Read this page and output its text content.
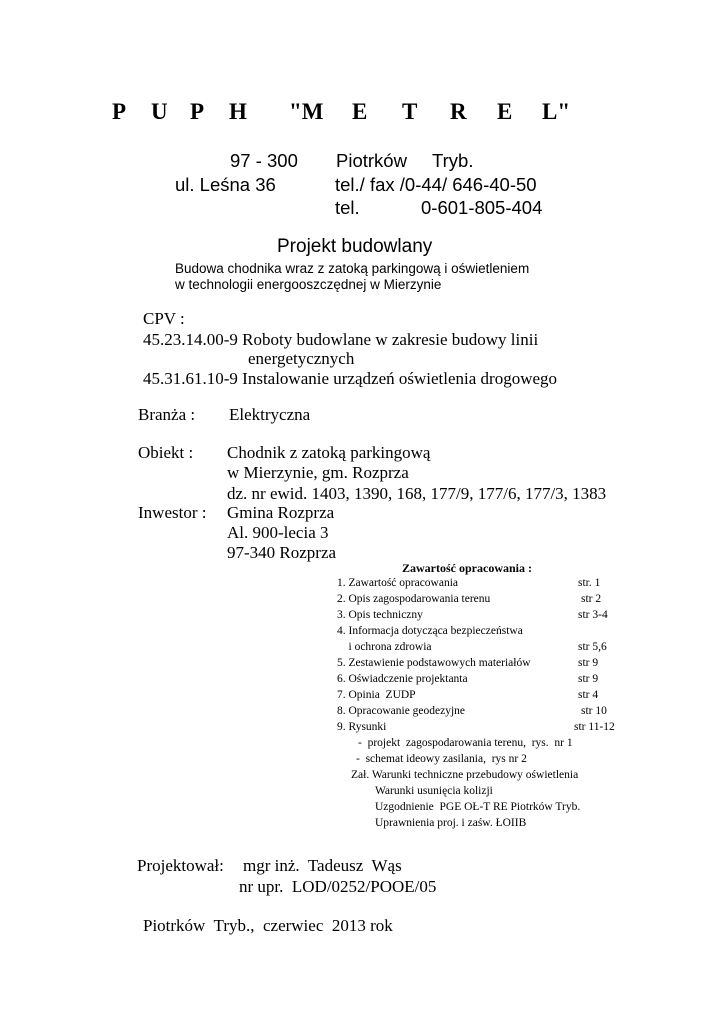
P U P H "M E T R E L"
97 - 300 Piotrków Tryb.
ul. Leśna 36	tel./ fax /0-44/ 646-40-50
tel.	0-601-805-404
Projekt budowlany
Budowa chodnika wraz z zatoką parkingową i oświetleniem
w technologii energooszczędnej w Mierzynie
CPV :
45.23.14.00-9 Roboty budowlane w zakresie budowy linii
energetycznych
45.31.61.10-9 Instalowanie urządzeń oświetlenia drogowego
Branża : Elektryczna
Obiekt : Chodnik z zatoką parkingową
w Mierzynie, gm. Rozprza
dz. nr ewid. 1403, 1390, 168, 177/9, 177/6, 177/3, 1383
Inwestor : Gmina Rozprza
Al. 900-lecia 3
97-340 Rozprza
Zawartość opracowania :
1. Zawartość opracowania	str. 1
2. Opis zagospodarowania terenu	str 2
3. Opis techniczny	str 3-4
4. Informacja dotycząca bezpieczeństwa
i ochrona zdrowia	str 5,6
5. Zestawienie podstawowych materiałów	str 9
6. Oświadczenie projektanta	str 9
7. Opinia  ZUDP	str 4
8. Opracowanie geodezyjne	str 10
9. Rysunki	str 11-12
-  projekt  zagospodarowania terenu,  rys.  nr 1
-  schemat ideowy zasilania,  rys nr 2
Zał. Warunki techniczne przebudowy oświetlenia
Warunki usunięcia kolizji
Uzgodnienie  PGE OŁ-T RE Piotrków Tryb.
Uprawnienia proj. i zaśw. ŁOIIB
Projektował: mgr inż.  Tadeusz  Wąs
nr upr.  LOD/0252/POOE/05
Piotrków  Tryb.,  czerwiec  2013 rok
